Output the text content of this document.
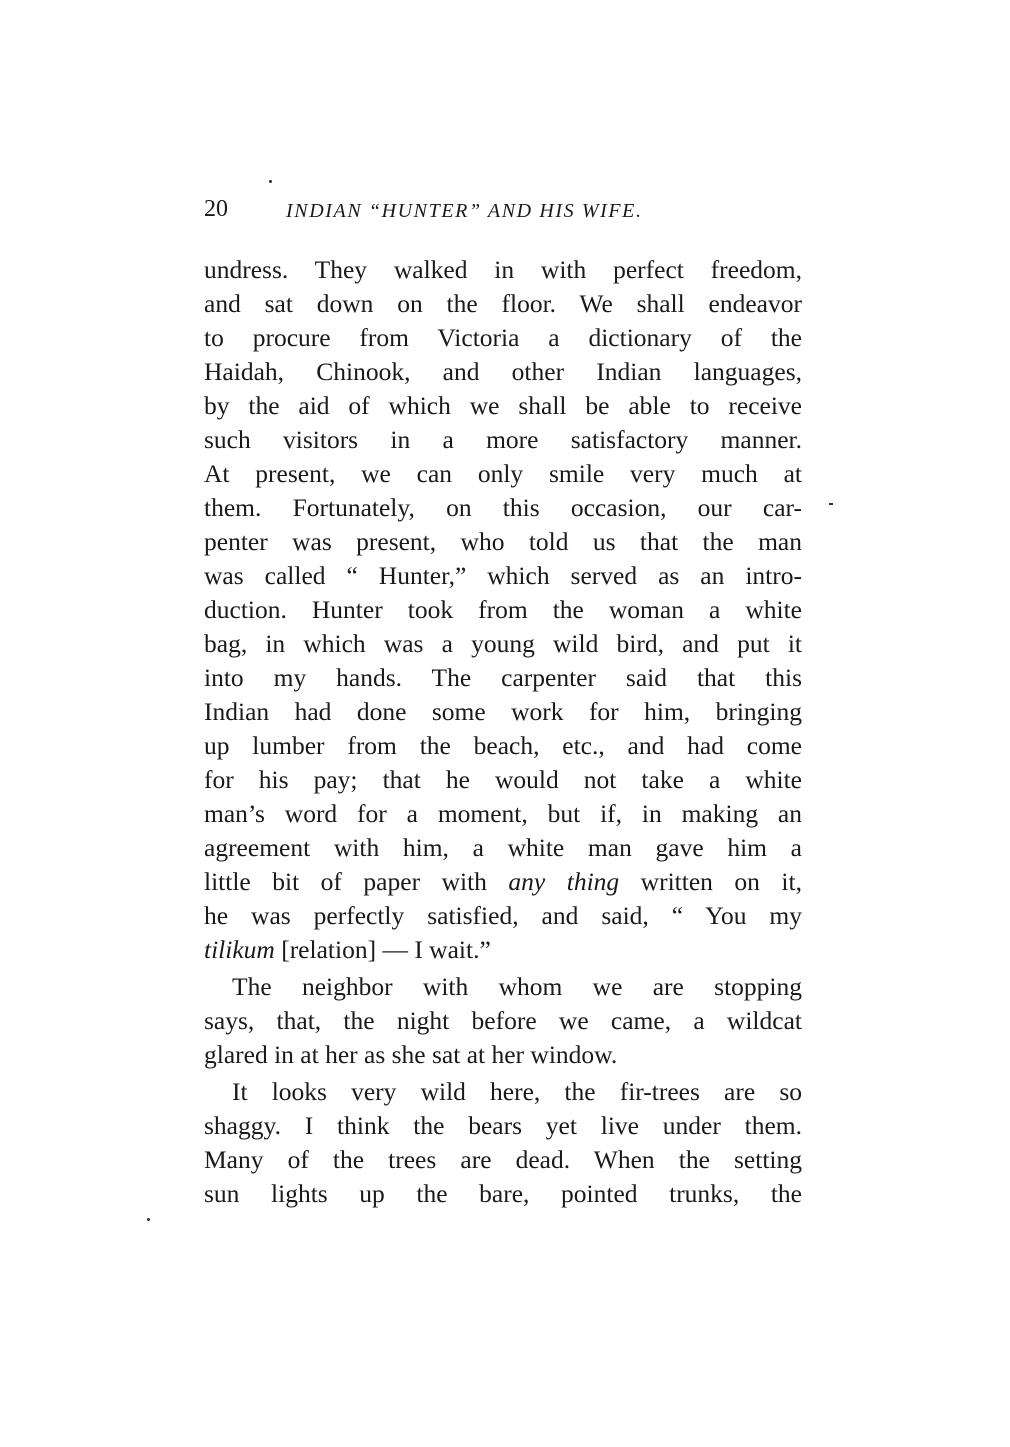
20	INDIAN “HUNTER” AND HIS WIFE.
undress. They walked in with perfect freedom,
and sat down on the floor. We shall endeavor
to procure from Victoria a dictionary of the
Haidah, Chinook, and other Indian languages,
by the aid of which we shall be able to receive
such visitors in a more satisfactory manner.
At present, we can only smile very much at
them. Fortunately, on this occasion, our car-
penter was present, who told us that the man
was called “ Hunter,” which served as an intro-
duction. Hunter took from the woman a white
bag, in which was a young wild bird, and put it
into my hands. The carpenter said that this
Indian had done some work for him, bringing
up lumber from the beach, etc., and had come
for his pay; that he would not take a white
man’s word for a moment, but if, in making an
agreement with him, a white man gave him a
little bit of paper with any thing written on it,
he was perfectly satisfied, and said, “ You my
tilikum [relation] — I wait.”
The neighbor with whom we are stopping
says, that, the night before we came, a wildcat
glared in at her as she sat at her window.
It looks very wild here, the fir-trees are so
shaggy. I think the bears yet live under them.
Many of the trees are dead. When the setting
sun lights up the bare, pointed trunks, the
